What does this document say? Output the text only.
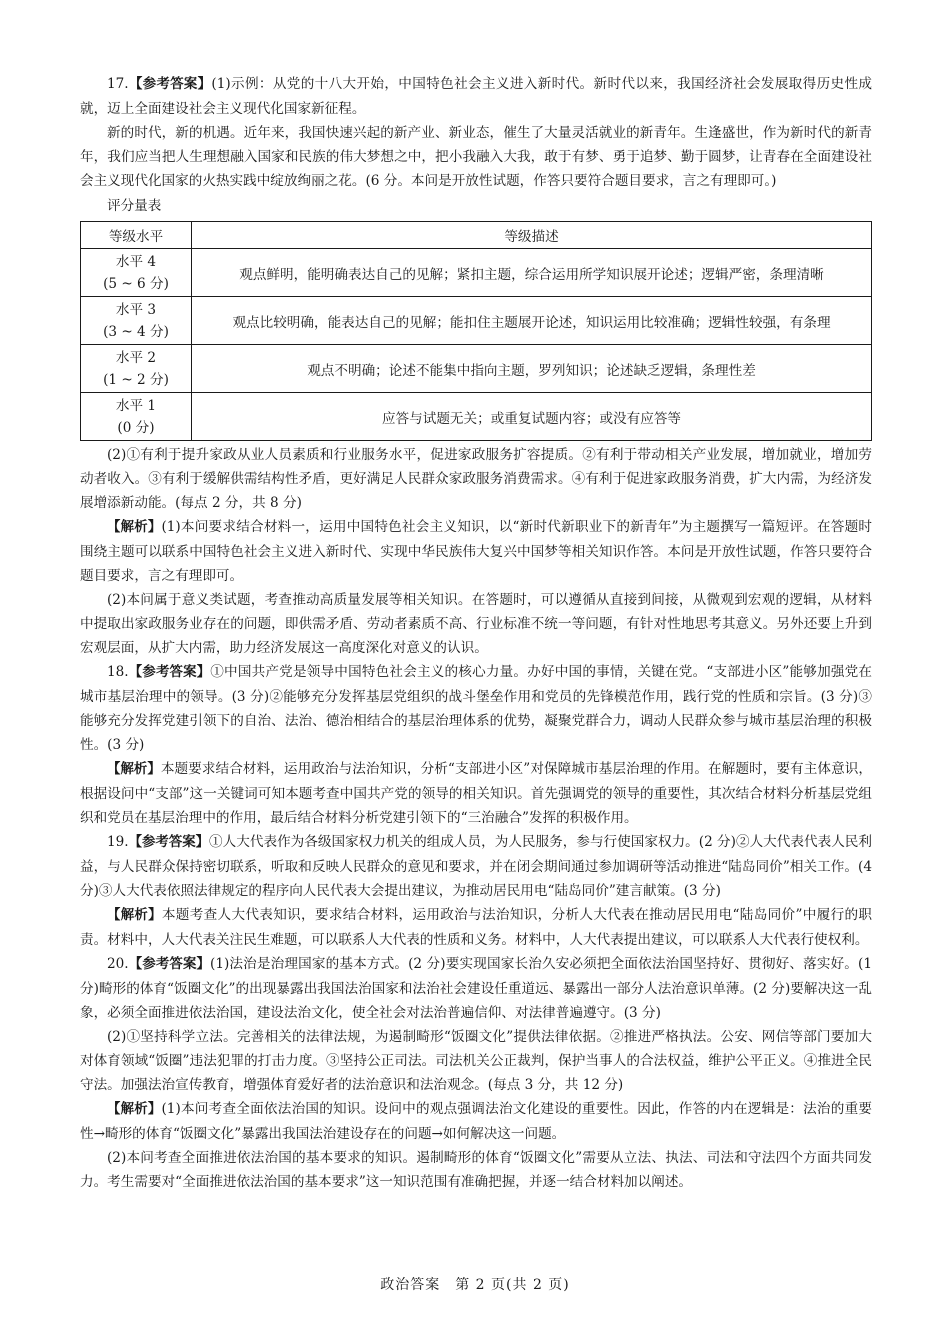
17.【参考答案】(1)示例：从党的十八大开始，中国特色社会主义进入新时代。新时代以来，我国经济社会发展取得历史性成就，迈上全面建设社会主义现代化国家新征程。

新的时代，新的机遇。近年来，我国快速兴起的新产业、新业态，催生了大量灵活就业的新青年。生逢盛世，作为新时代的新青年，我们应当把人生理想融入国家和民族的伟大梦想之中，把小我融入大我，敢于有梦、勇于追梦、勤于圆梦，让青春在全面建设社会主义现代化国家的火热实践中绽放绚丽之花。(6 分。本问是开放性试题，作答只要符合题目要求，言之有理即可。)

评分量表
等级水平	等级描述

水平 4
(5 ~ 6 分)	观点鲜明，能明确表达自己的见解；紧扣主题，综合运用所学知识展开论述；逻辑严密，条理清晰

水平 3
(3 ~ 4 分)	观点比较明确，能表达自己的见解；能扣住主题展开论述，知识运用比较准确；逻辑性较强，有条理

水平 2
(1 ~ 2 分)	观点不明确；论述不能集中指向主题，罗列知识；论述缺乏逻辑，条理性差

水平 1
(0 分)	应答与试题无关；或重复试题内容；或没有应答等

(2)①有利于提升家政从业人员素质和行业服务水平，促进家政服务扩容提质。②有利于带动相关产业发展，增加就业，增加劳动者收入。③有利于缓解供需结构性矛盾，更好满足人民群众家政服务消费需求。④有利于促进家政服务消费，扩大内需，为经济发展增添新动能。(每点 2 分，共 8 分)

【解析】(1)本问要求结合材料一，运用中国特色社会主义知识，以“新时代新职业下的新青年”为主题撰写一篇短评。在答题时围绕主题可以联系中国特色社会主义进入新时代、实现中华民族伟大复兴中国梦等相关知识作答。本问是开放性试题，作答只要符合题目要求，言之有理即可。

(2)本问属于意义类试题，考查推动高质量发展等相关知识。在答题时，可以遵循从直接到间接，从微观到宏观的逻辑，从材料中提取出家政服务业存在的问题，即供需矛盾、劳动者素质不高、行业标准不统一等问题，有针对性地思考其意义。另外还要上升到宏观层面，从扩大内需，助力经济发展这一高度深化对意义的认识。

18.【参考答案】①中国共产党是领导中国特色社会主义的核心力量。办好中国的事情，关键在党。“支部进小区”能够加强党在城市基层治理中的领导。(3 分)②能够充分发挥基层党组织的战斗堡垒作用和党员的先锋模范作用，践行党的性质和宗旨。(3 分)③能够充分发挥党建引领下的自治、法治、德治相结合的基层治理体系的优势，凝聚党群合力，调动人民群众参与城市基层治理的积极性。(3 分)

【解析】本题要求结合材料，运用政治与法治知识，分析“支部进小区”对保障城市基层治理的作用。在解题时，要有主体意识，根据设问中“支部”这一关键词可知本题考查中国共产党的领导的相关知识。首先强调党的领导的重要性，其次结合材料分析基层党组织和党员在基层治理中的作用，最后结合材料分析党建引领下的“三治融合”发挥的积极作用。

19.【参考答案】①人大代表作为各级国家权力机关的组成人员，为人民服务，参与行使国家权力。(2 分)②人大代表代表人民利益，与人民群众保持密切联系，听取和反映人民群众的意见和要求，并在闭会期间通过参加调研等活动推进“陆岛同价”相关工作。(4 分)③人大代表依照法律规定的程序向人民代表大会提出建议，为推动居民用电“陆岛同价”建言献策。(3 分)

【解析】本题考查人大代表知识，要求结合材料，运用政治与法治知识，分析人大代表在推动居民用电“陆岛同价”中履行的职责。材料中，人大代表关注民生难题，可以联系人大代表的性质和义务。材料中，人大代表提出建议，可以联系人大代表行使权利。

20.【参考答案】(1)法治是治理国家的基本方式。(2 分)要实现国家长治久安必须把全面依法治国坚持好、贯彻好、落实好。(1 分)畸形的体育“饭圈文化”的出现暴露出我国法治国家和法治社会建设任重道远、暴露出一部分人法治意识单薄。(2 分)要解决这一乱象，必须全面推进依法治国，建设法治文化，使全社会对法治普遍信仰、对法律普遍遵守。(3 分)

(2)①坚持科学立法。完善相关的法律法规，为遏制畸形“饭圈文化”提供法律依据。②推进严格执法。公安、网信等部门要加大对体育领域“饭圈”违法犯罪的打击力度。③坚持公正司法。司法机关公正裁判，保护当事人的合法权益，维护公平正义。④推进全民守法。加强法治宣传教育，增强体育爱好者的法治意识和法治观念。(每点 3 分，共 12 分)

【解析】(1)本问考查全面依法治国的知识。设问中的观点强调法治文化建设的重要性。因此，作答的内在逻辑是：法治的重要性→畸形的体育“饭圈文化”暴露出我国法治建设存在的问题→如何解决这一问题。

(2)本问考查全面推进依法治国的基本要求的知识。遏制畸形的体育“饭圈文化”需要从立法、执法、司法和守法四个方面共同发力。考生需要对“全面推进依法治国的基本要求”这一知识范围有准确把握，并逐一结合材料加以阐述。

政治答案　第 2 页(共 2 页)
